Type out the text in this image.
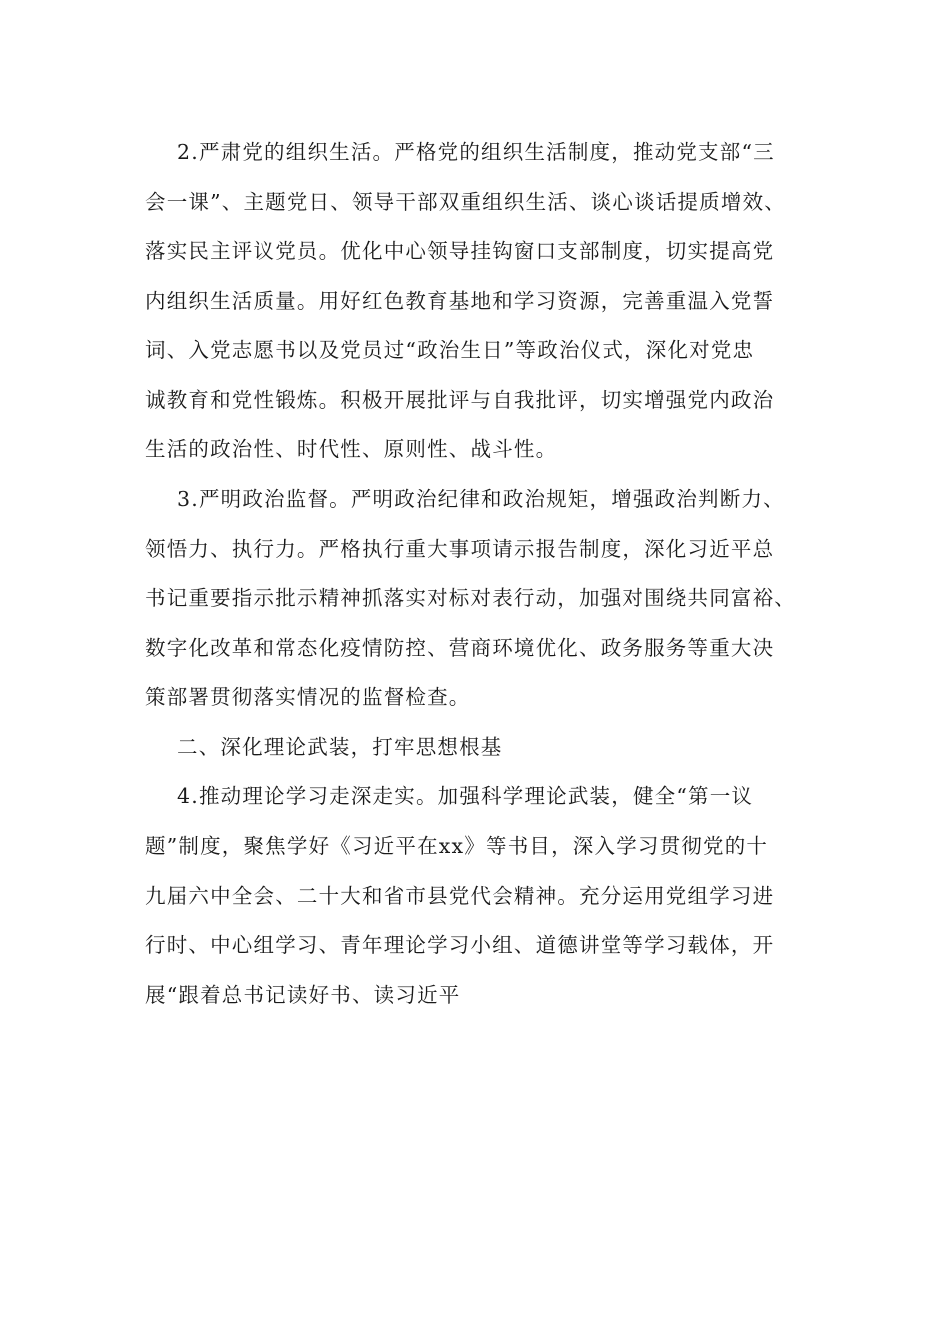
2.严肃党的组织生活。严格党的组织生活制度，推动党支部“三
会一课”、主题党日、领导干部双重组织生活、谈心谈话提质增效、
落实民主评议党员。优化中心领导挂钩窗口支部制度，切实提高党
内组织生活质量。用好红色教育基地和学习资源，完善重温入党誓
词、入党志愿书以及党员过“政治生日”等政治仪式，深化对党忠
诚教育和党性锻炼。积极开展批评与自我批评，切实增强党内政治
生活的政治性、时代性、原则性、战斗性。
3.严明政治监督。严明政治纪律和政治规矩，增强政治判断力、
领悟力、执行力。严格执行重大事项请示报告制度，深化习近平总
书记重要指示批示精神抓落实对标对表行动，加强对围绕共同富裕、
数字化改革和常态化疫情防控、营商环境优化、政务服务等重大决
策部署贯彻落实情况的监督检查。
二、深化理论武装，打牢思想根基
4.推动理论学习走深走实。加强科学理论武装，健全“第一议
题”制度，聚焦学好《习近平在xx》等书目，深入学习贯彻党的十
九届六中全会、二十大和省市县党代会精神。充分运用党组学习进
行时、中心组学习、青年理论学习小组、道德讲堂等学习载体，开
展“跟着总书记读好书、读习近平
